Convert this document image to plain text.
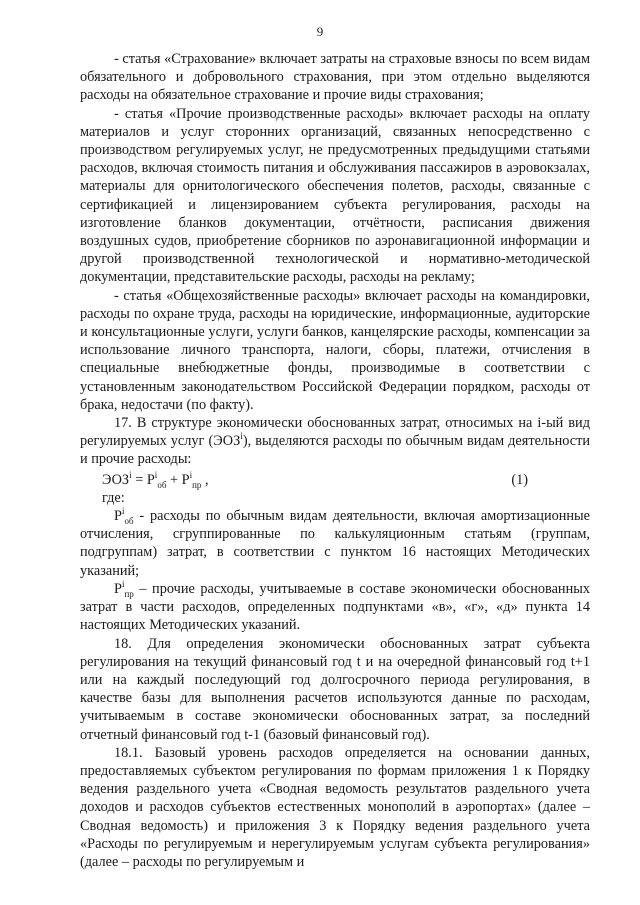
9

- статья «Страхование» включает затраты на страховые взносы по всем видам обязательного и добровольного страхования, при этом отдельно выделяются расходы на обязательное страхование и прочие виды страхования;

- статья «Прочие производственные расходы» включает расходы на оплату материалов и услуг сторонних организаций, связанных непосредственно с производством регулируемых услуг, не предусмотренных предыдущими статьями расходов, включая стоимость питания и обслуживания пассажиров в аэровокзалах, материалы для орнитологического обеспечения полетов, расходы, связанные с сертификацией и лицензированием субъекта регулирования, расходы на изготовление бланков документации, отчётности, расписания движения воздушных судов, приобретение сборников по аэронавигационной информации и другой производственной технологической и нормативно-методической документации, представительские расходы, расходы на рекламу;

- статья «Общехозяйственные расходы» включает расходы на командировки, расходы по охране труда, расходы на юридические, информационные, аудиторские и консультационные услуги, услуги банков, канцелярские расходы, компенсации за использование личного транспорта, налоги, сборы, платежи, отчисления в специальные внебюджетные фонды, производимые в соответствии с установленным законодательством Российской Федерации порядком, расходы от брака, недостачи (по факту).

17. В структуре экономически обоснованных затрат, относимых на i-ый вид регулируемых услуг (ЭОЗ$^i$), выделяются расходы по обычным видам деятельности и прочие расходы:

$ЭОЗ^i = P^i_{об} + P^i_{пр}$ ,	(1)
где:

$P^i_{об}$ - расходы по обычным видам деятельности, включая амортизационные отчисления, сгруппированные по калькуляционным статьям (группам, подгруппам) затрат, в соответствии с пунктом 16 настоящих Методических указаний;

$P^i_{пр}$ – прочие расходы, учитываемые в составе экономически обоснованных затрат в части расходов, определенных подпунктами «в», «г», «д» пункта 14 настоящих Методических указаний.

18. Для определения экономически обоснованных затрат субъекта регулирования на текущий финансовый год t и на очередной финансовый год t+1 или на каждый последующий год долгосрочного периода регулирования, в качестве базы для выполнения расчетов используются данные по расходам, учитываемым в составе экономически обоснованных затрат, за последний отчетный финансовый год t-1 (базовый финансовый год).

18.1. Базовый уровень расходов определяется на основании данных, предоставляемых субъектом регулирования по формам приложения 1 к Порядку ведения раздельного учета «Сводная ведомость результатов раздельного учета доходов и расходов субъектов естественных монополий в аэропортах» (далее – Сводная ведомость) и приложения 3 к Порядку ведения раздельного учета «Расходы по регулируемым и нерегулируемым услугам субъекта регулирования» (далее – расходы по регулируемым и
